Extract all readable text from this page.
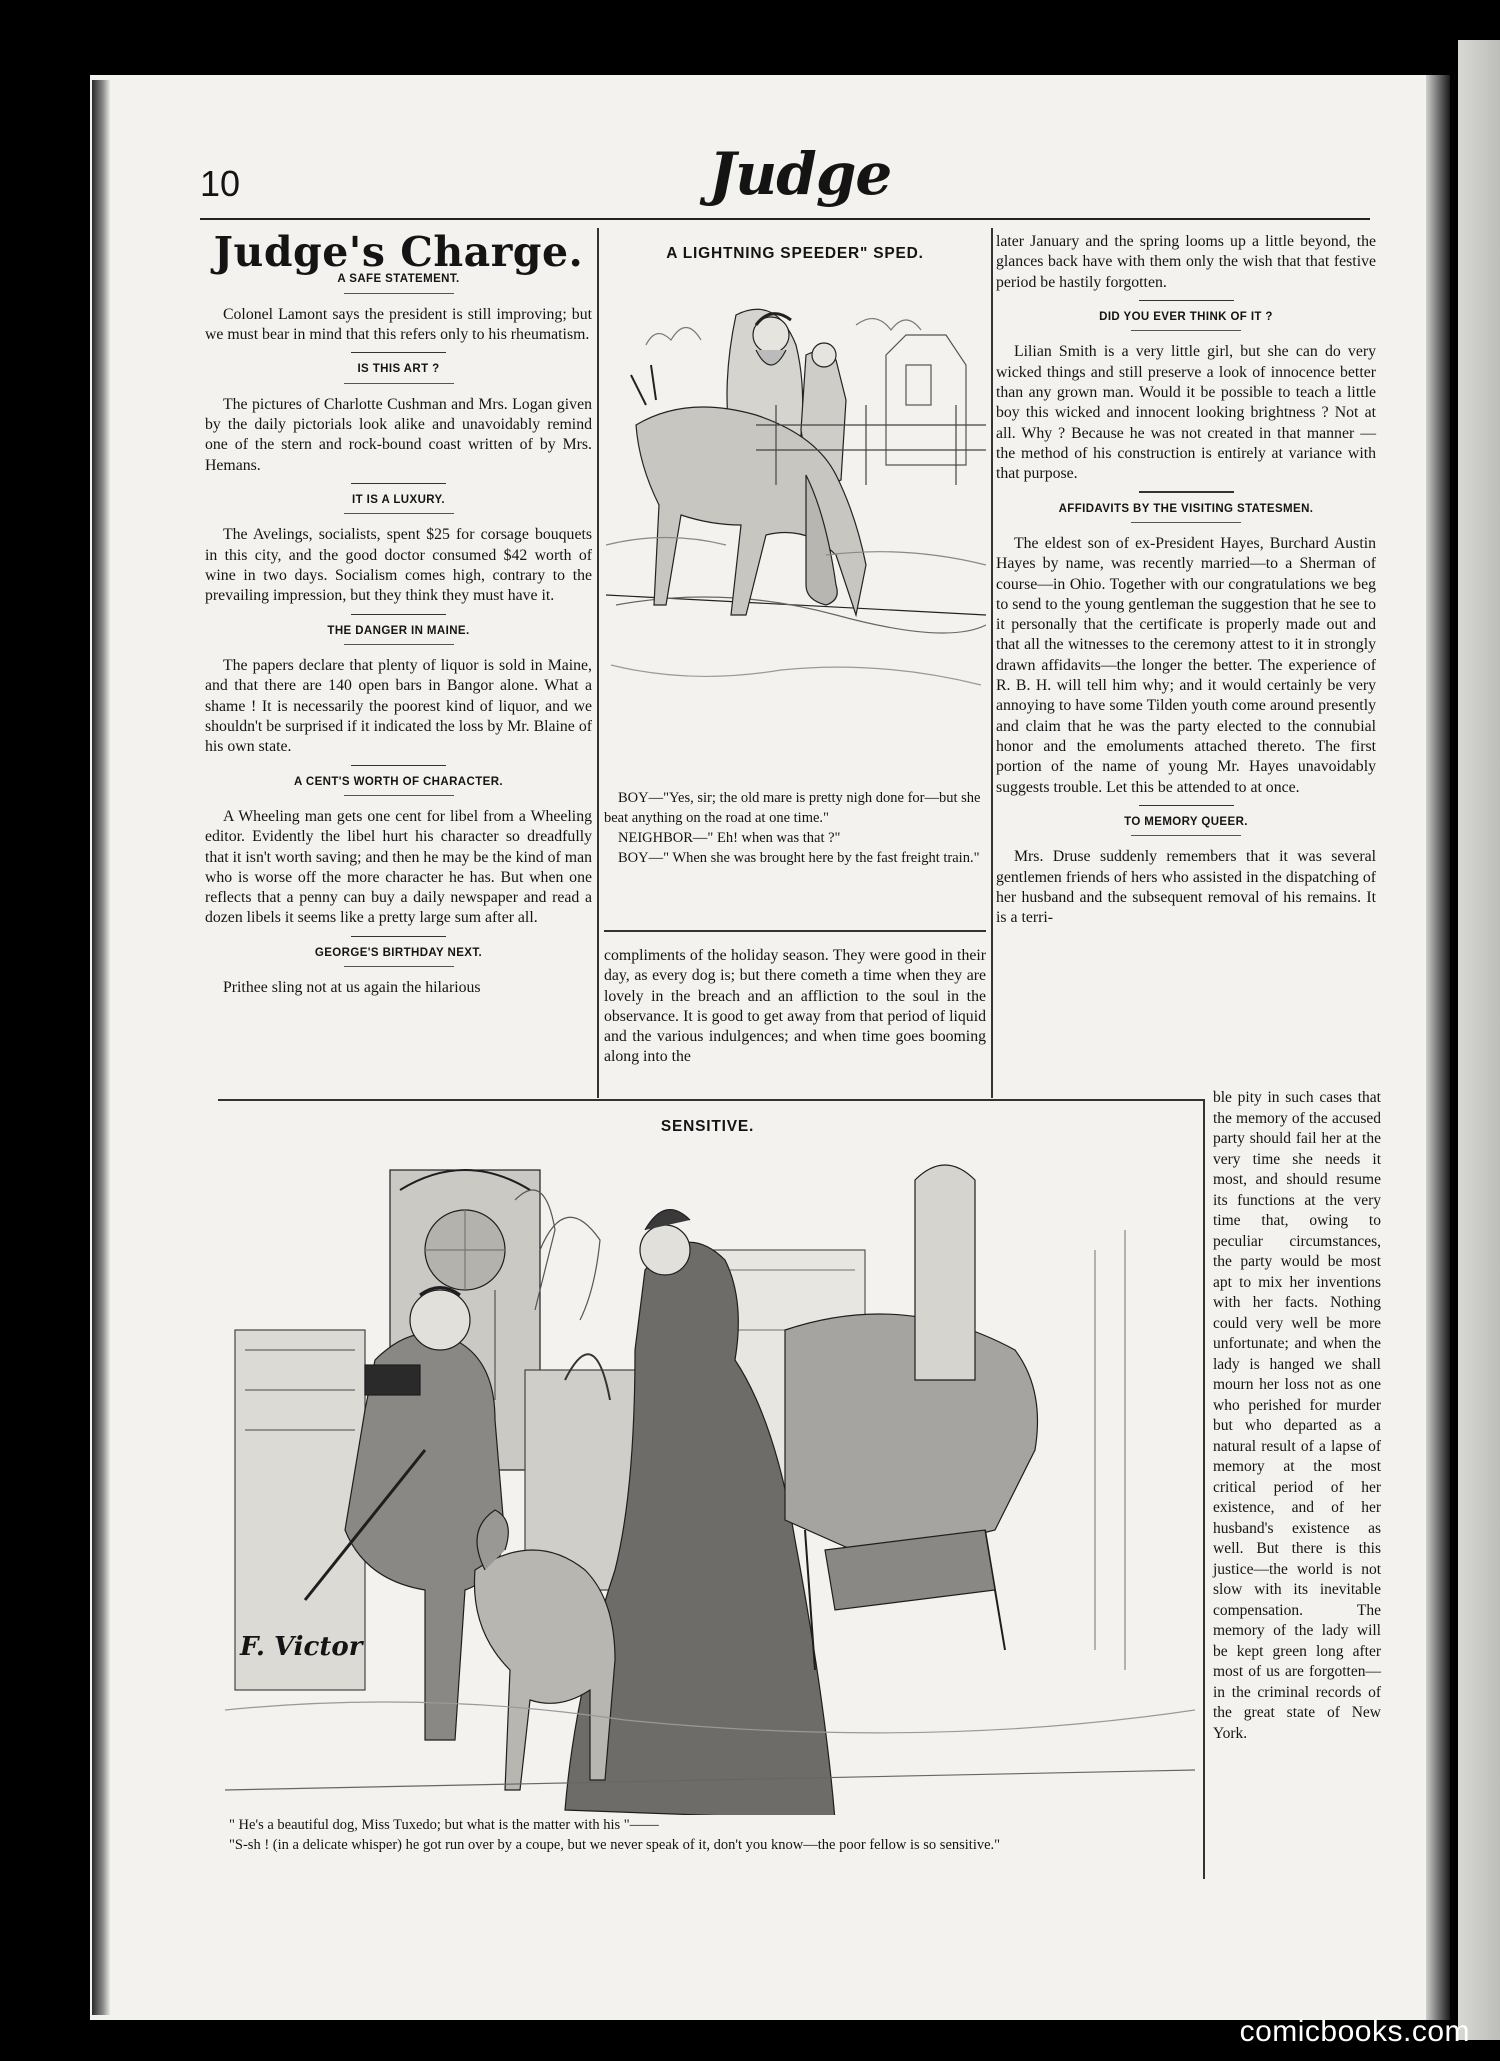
10	Judge
Judge's Charge.
A SAFE STATEMENT.

Colonel Lamont says the president is still improving; but we must bear in mind that this refers only to his rheumatism.

IS THIS ART ?

The pictures of Charlotte Cushman and Mrs. Logan given by the daily pictorials look alike and unavoidably remind one of the stern and rock-bound coast written of by Mrs. Hemans.

IT IS A LUXURY.

The Avelings, socialists, spent $25 for corsage bouquets in this city, and the good doctor consumed $42 worth of wine in two days. Socialism comes high, contrary to the prevailing impression, but they think they must have it.

THE DANGER IN MAINE.

The papers declare that plenty of liquor is sold in Maine, and that there are 140 open bars in Bangor alone. What a shame ! It is necessarily the poorest kind of liquor, and we shouldn't be surprised if it indicated the loss by Mr. Blaine of his own state.

A CENT'S WORTH OF CHARACTER.

A Wheeling man gets one cent for libel from a Wheeling editor. Evidently the libel hurt his character so dreadfully that it isn't worth saving; and then he may be the kind of man who is worse off the more character he has. But when one reflects that a penny can buy a daily newspaper and read a dozen libels it seems like a pretty large sum after all.

GEORGE'S BIRTHDAY NEXT.

Prithee sling not at us again the hilarious

A LIGHTNING SPEEDER" SPED.

BOY—"Yes, sir; the old mare is pretty nigh done for—but she beat anything on the road at one time."

NEIGHBOR—" Eh! when was that ?"

BOY—" When she was brought here by the fast freight train."

compliments of the holiday season. They were good in their day, as every dog is; but there cometh a time when they are lovely in the breach and an affliction to the soul in the observance. It is good to get away from that period of liquid and the various indulgences; and when time goes booming along into the

later January and the spring looms up a little beyond, the glances back have with them only the wish that that festive period be hastily forgotten.

DID YOU EVER THINK OF IT ?

Lilian Smith is a very little girl, but she can do very wicked things and still preserve a look of innocence better than any grown man. Would it be possible to teach a little boy this wicked and innocent looking brightness ? Not at all. Why ? Because he was not created in that manner — the method of his construction is entirely at variance with that purpose.

AFFIDAVITS BY THE VISITING STATESMEN.

The eldest son of ex-President Hayes, Burchard Austin Hayes by name, was recently married—to a Sherman of course—in Ohio. Together with our congratulations we beg to send to the young gentleman the suggestion that he see to it personally that the certificate is properly made out and that all the witnesses to the ceremony attest to it in strongly drawn affidavits—the longer the better. The experience of R. B. H. will tell him why; and it would certainly be very annoying to have some Tilden youth come around presently and claim that he was the party elected to the connubial honor and the emoluments attached thereto. The first portion of the name of young Mr. Hayes unavoidably suggests trouble. Let this be attended to at once.

TO MEMORY QUEER.

Mrs. Druse suddenly remembers that it was several gentlemen friends of hers who assisted in the dispatching of her husband and the subsequent removal of his remains. It is a terri-

SENSITIVE.
F. Victor

" He's a beautiful dog, Miss Tuxedo; but what is the matter with his "——

"S-sh ! (in a delicate whisper) he got run over by a coupe, but we never speak of it, don't you know—the poor fellow is so sensitive."

ble pity in such cases that the memory of the accused party should fail her at the very time she needs it most, and should resume its functions at the very time that, owing to peculiar circumstances, the party would be most apt to mix her inventions with her facts. Nothing could very well be more unfortunate; and when the lady is hanged we shall mourn her loss not as one who perished for murder but who departed as a natural result of a lapse of memory at the most critical period of her existence, and of her husband's existence as well. But there is this justice—the world is not slow with its inevitable compensation. The memory of the lady will be kept green long after most of us are forgotten—in the criminal records of the great state of New York.

comicbooks.com
